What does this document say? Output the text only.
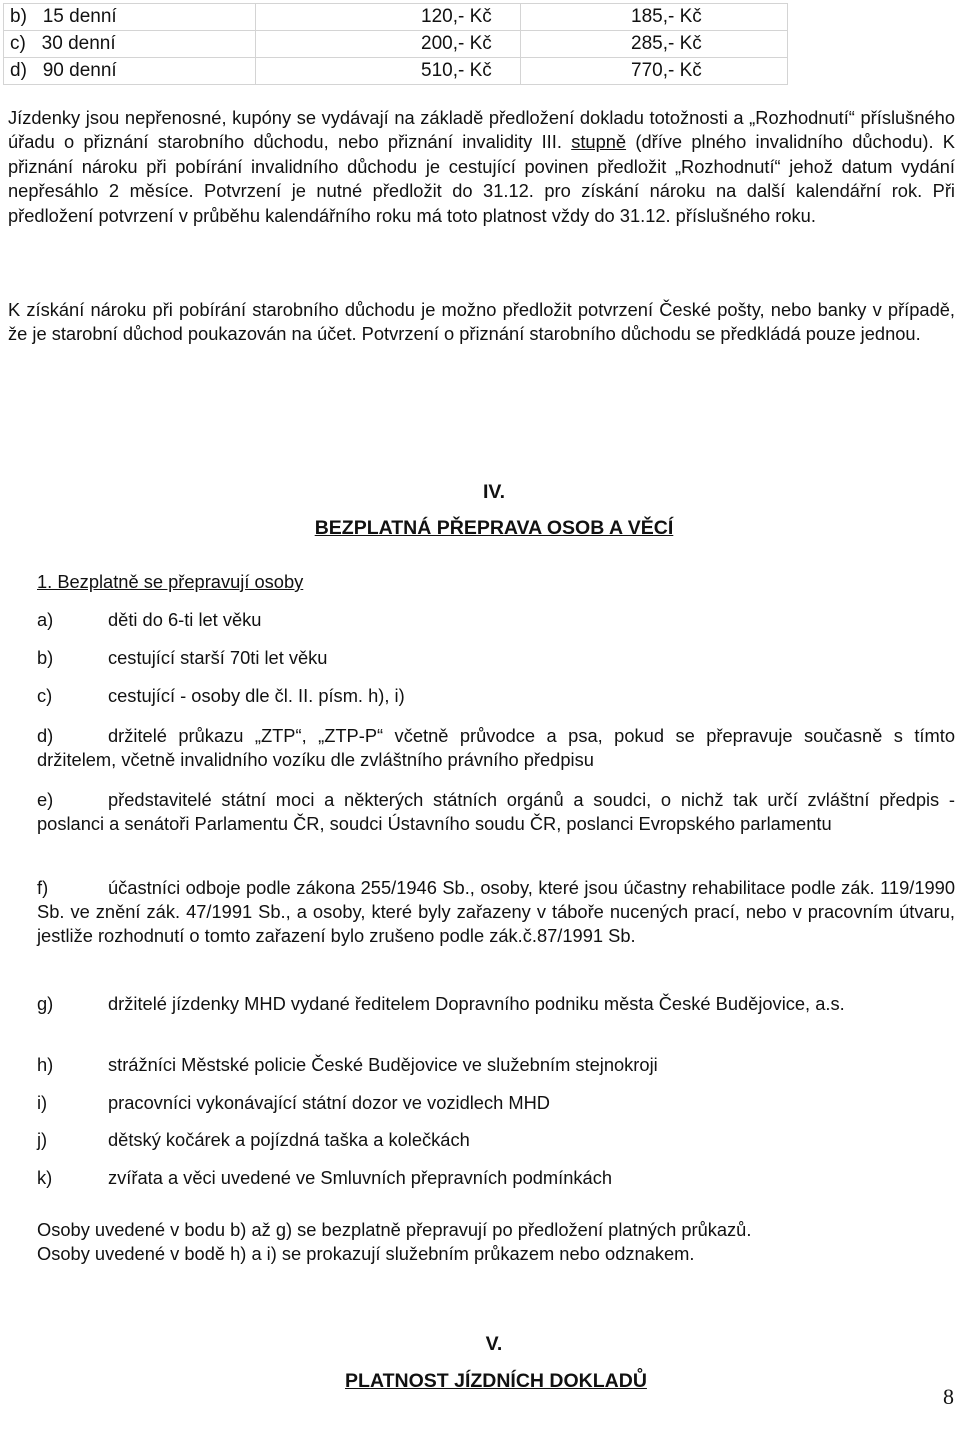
b)   15 denní	120,- Kč	185,- Kč
c)   30 denní	200,- Kč	285,- Kč
d)   90 denní	510,- Kč	770,- Kč
Jízdenky jsou nepřenosné, kupóny se vydávají na základě předložení dokladu totožnosti a „Rozhodnutí“ příslušného úřadu o přiznání starobního důchodu, nebo přiznání invalidity III. stupně (dříve plného invalidního důchodu). K přiznání nároku při pobírání invalidního důchodu je cestující povinen předložit „Rozhodnutí“ jehož datum vydání nepřesáhlo 2 měsíce. Potvrzení je nutné předložit do 31.12. pro získání nároku na další kalendářní rok. Při předložení potvrzení v průběhu kalendářního roku má toto platnost vždy do 31.12. příslušného roku.
K získání nároku při pobírání starobního důchodu je možno předložit potvrzení České pošty, nebo banky v případě, že je starobní důchod poukazován na účet. Potvrzení o přiznání starobního důchodu se předkládá pouze jednou.
IV.
BEZPLATNÁ PŘEPRAVA OSOB A VĚCÍ
1. Bezplatně se přepravují osoby
a)	děti do 6-ti let věku
b)	cestující starší 70ti let věku
c)	cestující - osoby dle čl. II. písm. h), i)
d)	držitelé průkazu „ZTP“, „ZTP-P“ včetně průvodce a psa, pokud se přepravuje současně s tímto držitelem, včetně invalidního vozíku dle zvláštního právního předpisu
e)	představitelé státní moci a některých státních orgánů a soudci, o nichž tak určí zvláštní předpis - poslanci a senátoři Parlamentu ČR, soudci Ústavního soudu ČR, poslanci Evropského parlamentu
f)	účastníci odboje podle zákona 255/1946 Sb., osoby, které jsou účastny rehabilitace podle zák. 119/1990 Sb. ve znění zák. 47/1991 Sb., a osoby, které byly zařazeny v táboře nucených prací, nebo v pracovním útvaru, jestliže rozhodnutí o tomto zařazení bylo zrušeno podle zák.č.87/1991 Sb.
g)	držitelé jízdenky MHD vydané ředitelem Dopravního podniku města České Budějovice, a.s.
h)	strážníci Městské policie České Budějovice ve služebním stejnokroji
i)	pracovníci vykonávající státní dozor ve vozidlech MHD
j)	dětský kočárek a pojízdná taška a kolečkách
k)	zvířata a věci uvedené ve Smluvních přepravních podmínkách
Osoby uvedené v bodu b) až g) se bezplatně přepravují po předložení platných průkazů.
Osoby uvedené v bodě h) a i) se prokazují služebním průkazem nebo odznakem.
V.
PLATNOST JÍZDNÍCH DOKLADŮ
8
